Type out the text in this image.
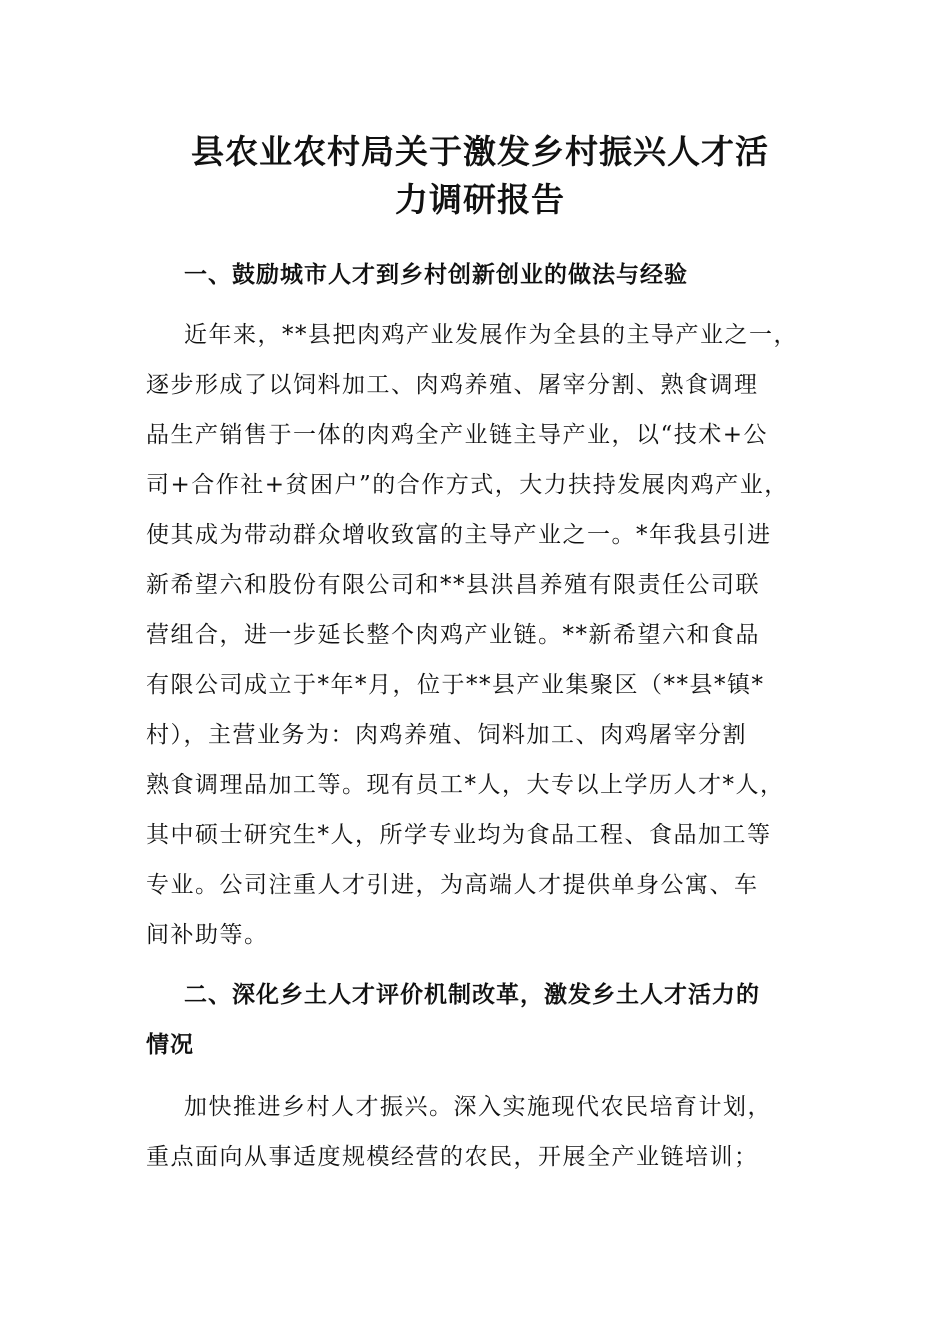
县农业农村局关于激发乡村振兴人才活
力调研报告
一、鼓励城市人才到乡村创新创业的做法与经验
近年来，**县把肉鸡产业发展作为全县的主导产业之一，
逐步形成了以饲料加工、肉鸡养殖、屠宰分割、熟食调理
品生产销售于一体的肉鸡全产业链主导产业，以“技术+公
司+合作社+贫困户”的合作方式，大力扶持发展肉鸡产业，
使其成为带动群众增收致富的主导产业之一。*年我县引进
新希望六和股份有限公司和**县洪昌养殖有限责任公司联
营组合，进一步延长整个肉鸡产业链。**新希望六和食品
有限公司成立于*年*月，位于**县产业集聚区（**县*镇*
村），主营业务为：肉鸡养殖、饲料加工、肉鸡屠宰分割
熟食调理品加工等。现有员工*人，大专以上学历人才*人，
其中硕士研究生*人，所学专业均为食品工程、食品加工等
专业。公司注重人才引进，为高端人才提供单身公寓、车
间补助等。
二、深化乡土人才评价机制改革，激发乡土人才活力的
情况
加快推进乡村人才振兴。深入实施现代农民培育计划，
重点面向从事适度规模经营的农民，开展全产业链培训；
